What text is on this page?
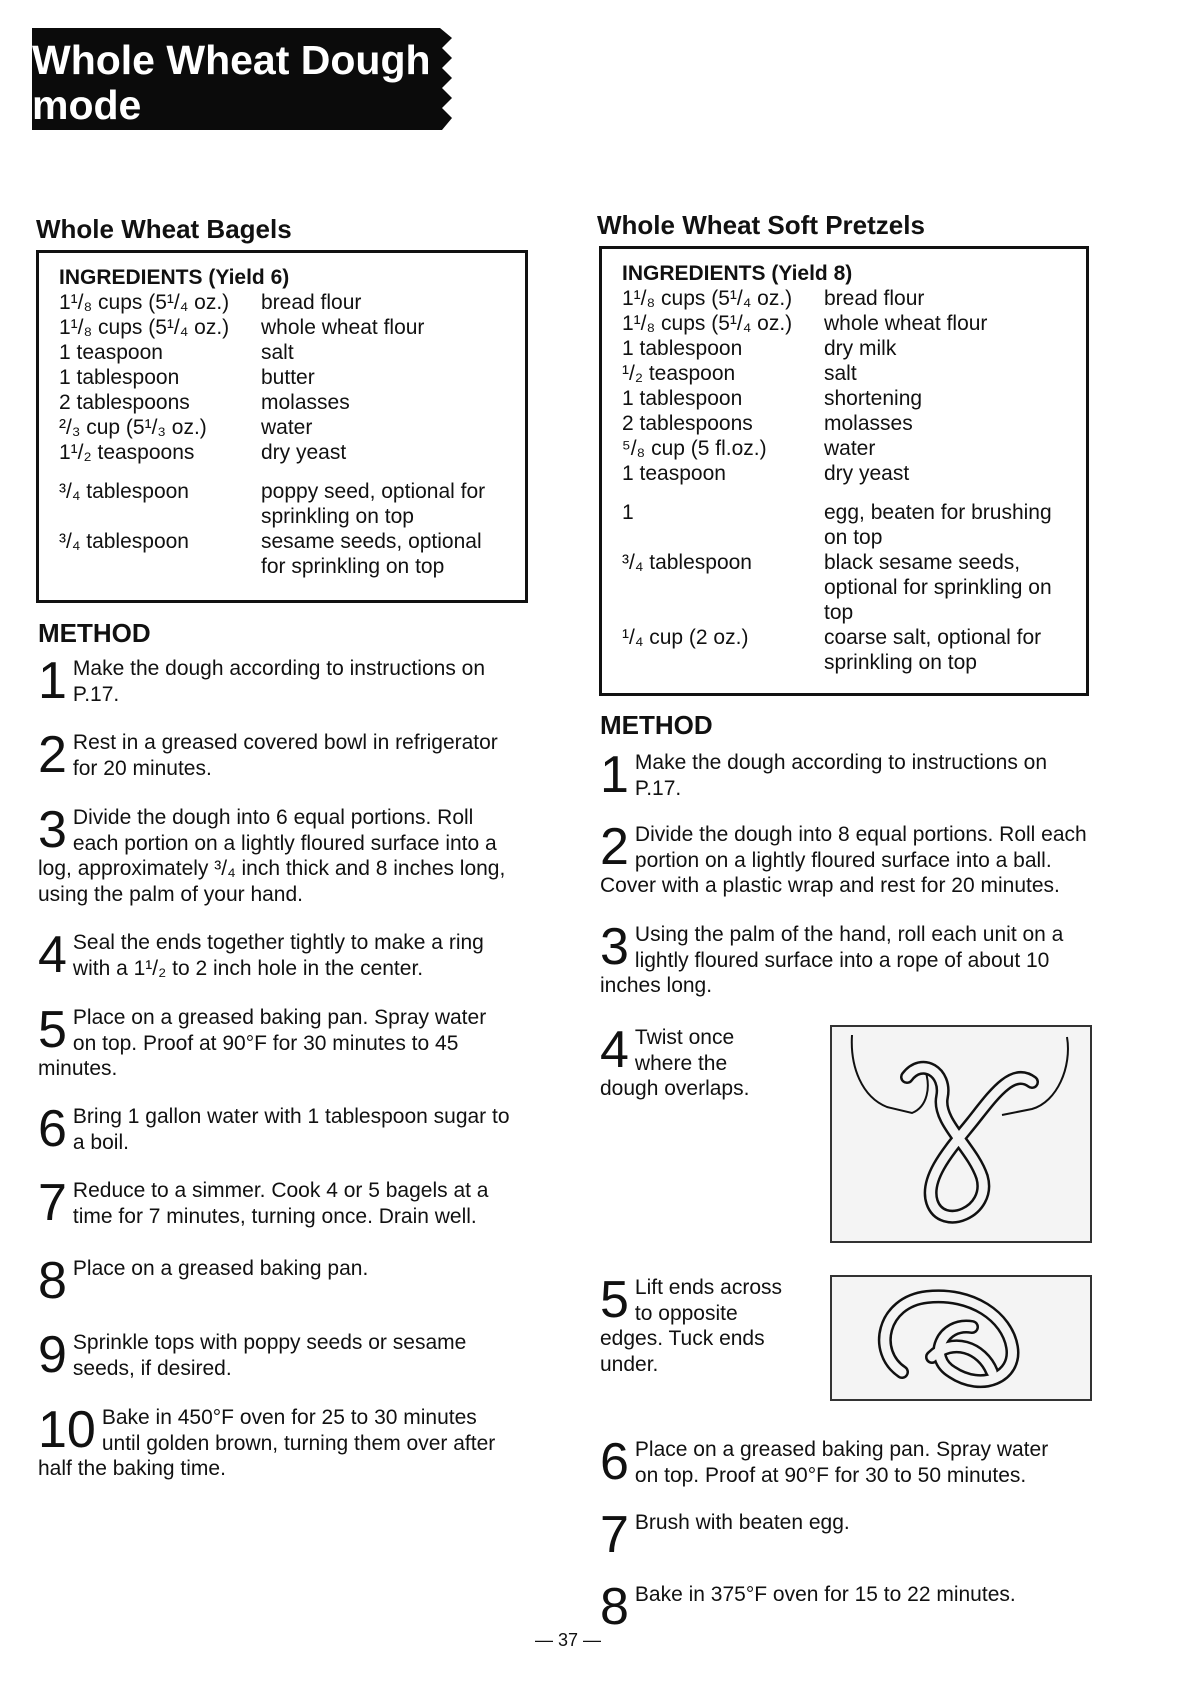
Whole Wheat Dough
mode
Whole Wheat Bagels
INGREDIENTS (Yield 6)
1¹/₈ cups (5¹/₄ oz.)	bread flour
1¹/₈ cups (5¹/₄ oz.)	whole wheat flour
1 teaspoon	salt
1 tablespoon	butter
2 tablespoons	molasses
²/₃ cup (5¹/₃ oz.)	water
1¹/₂ teaspoons	dry yeast
³/₄ tablespoon	poppy seed, optional for sprinkling on top
³/₄ tablespoon	sesame seeds, optional for sprinkling on top
METHOD
1 Make the dough according to instructions on P.17.

2 Rest in a greased covered bowl in refrigerator for 20 minutes.

3 Divide the dough into 6 equal portions. Roll each portion on a lightly floured surface into a log, approximately ³/₄ inch thick and 8 inches long, using the palm of your hand.

4 Seal the ends together tightly to make a ring with a 1¹/₂ to 2 inch hole in the center.

5 Place on a greased baking pan. Spray water on top. Proof at 90°F for 30 minutes to 45 minutes.

6 Bring 1 gallon water with 1 tablespoon sugar to a boil.

7 Reduce to a simmer. Cook 4 or 5 bagels at a time for 7 minutes, turning once. Drain well.

8 Place on a greased baking pan.

9 Sprinkle tops with poppy seeds or sesame seeds, if desired.

10 Bake in 450°F oven for 25 to 30 minutes until golden brown, turning them over after half the baking time.

Whole Wheat Soft Pretzels
INGREDIENTS (Yield 8)
1¹/₈ cups (5¹/₄ oz.)	bread flour
1¹/₈ cups (5¹/₄ oz.)	whole wheat flour
1 tablespoon	dry milk
¹/₂ teaspoon	salt
1 tablespoon	shortening
2 tablespoons	molasses
⁵/₈ cup (5 fl.oz.)	water
1 teaspoon	dry yeast
1	egg, beaten for brushing on top
³/₄ tablespoon	black sesame seeds, optional for sprinkling on top
¹/₄ cup (2 oz.)	coarse salt, optional for sprinkling on top
METHOD
1 Make the dough according to instructions on P.17.

2 Divide the dough into 8 equal portions. Roll each portion on a lightly floured surface into a ball. Cover with a plastic wrap and rest for 20 minutes.

3 Using the palm of the hand, roll each unit on a lightly floured surface into a rope of about 10 inches long.

4 Twist once where the dough overlaps.

5 Lift ends across to opposite edges. Tuck ends under.

6 Place on a greased baking pan. Spray water on top. Proof at 90°F for 30 to 50 minutes.

7 Brush with beaten egg.

8 Bake in 375°F oven for 15 to 22 minutes.

— 37 —
